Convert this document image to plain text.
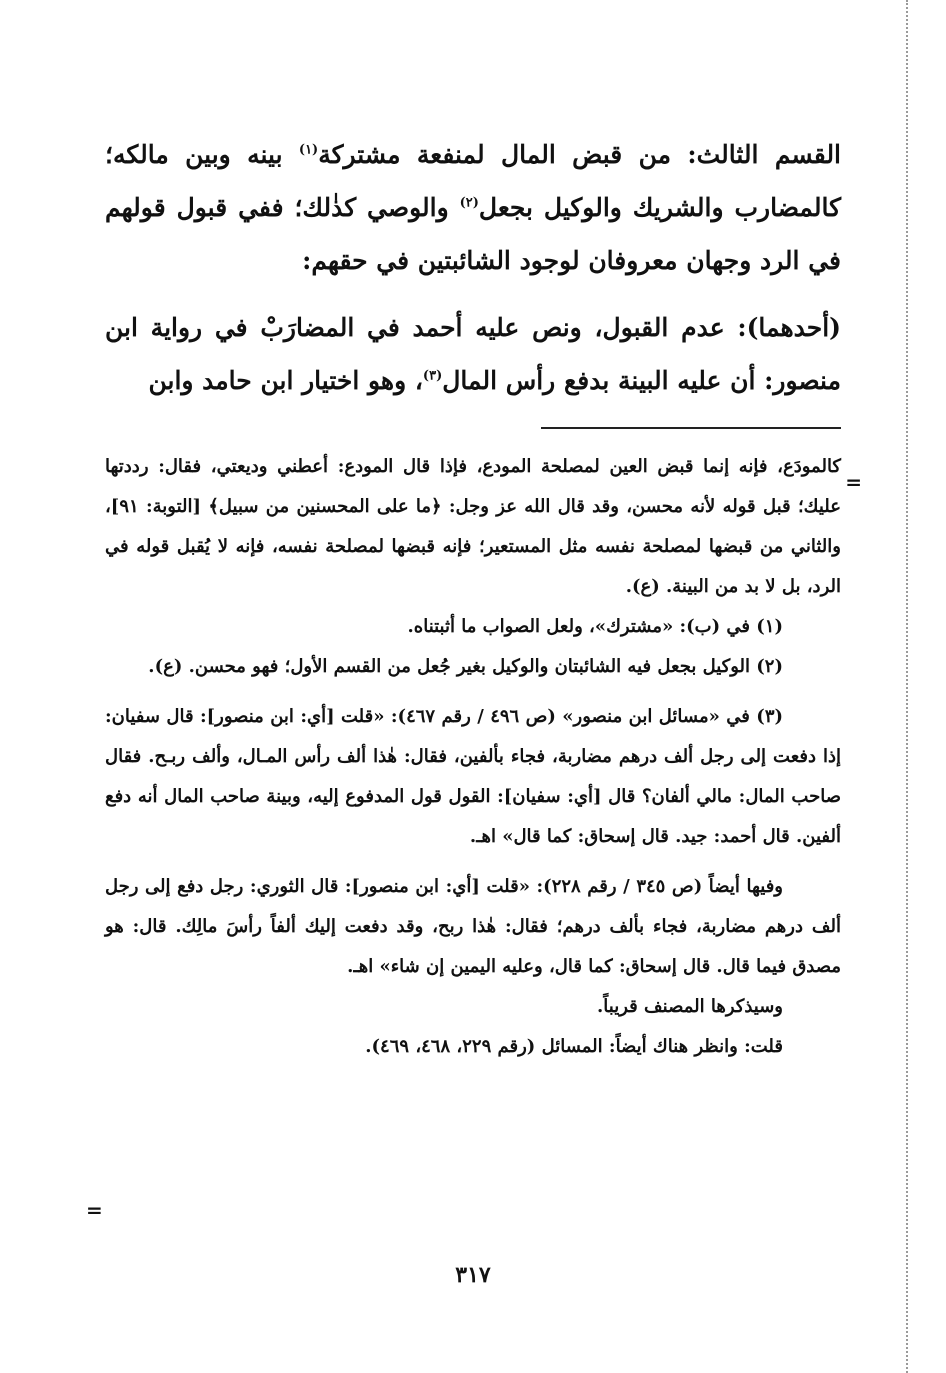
القسم الثالث: من قبض المال لمنفعة مشتركة$^{(١)}$ بينه وبين مالكه؛ كالمضارب والشريك والوكيل بجعل$^{(٢)}$ والوصي كذٰلك؛ ففي قبول قولهم في الرد وجهان معروفان لوجود الشائبتين في حقهم:

(أحدهما): عدم القبول، ونص عليه أحمد في المضارَبْ في رواية ابن منصور: أن عليه البينة بدفع رأس المال$^{(٣)}$، وهو اختيار ابن حامد وابن

كالمودَع، فإنه إنما قبض العين لمصلحة المودع، فإذا قال المودع: أعطني وديعتي، فقال: رددتها عليك؛ قبل قوله لأنه محسن، وقد قال الله عز وجل: ﴿ما على المحسنين من سبيل﴾ [التوبة: ٩١]، والثاني من قبضها لمصلحة نفسه مثل المستعير؛ فإنه قبضها لمصلحة نفسه، فإنه لا يُقبل قوله في الرد، بل لا بد من البينة. (ع).

(١) في (ب): «مشترك»، ولعل الصواب ما أثبتناه.

(٢) الوكيل بجعل فيه الشائبتان والوكيل بغير جُعل من القسم الأول؛ فهو محسن. (ع).

(٣) في «مسائل ابن منصور» (ص ٤٩٦ / رقم ٤٦٧): «قلت [أي: ابن منصور]: قال سفيان: إذا دفعت إلى رجل ألف درهم مضاربة، فجاء بألفين، فقال: هٰذا ألف رأس المـال، وألف ربـح. فقال صاحب المال: مالي ألفان؟ قال [أي: سفيان]: القول قول المدفوع إليه، وبينة صاحب المال أنه دفع ألفين. قال أحمد: جيد. قال إسحاق: كما قال» اهـ.

وفيها أيضاً (ص ٣٤٥ / رقم ٢٢٨): «قلت [أي: ابن منصور]: قال الثوري: رجل دفع إلى رجل ألف درهم مضاربة، فجاء بألف درهم؛ فقال: هٰذا ربح، وقد دفعت إليك ألفاً رأسَ مالِك. قال: هو مصدق فيما قال. قال إسحاق: كما قال، وعليه اليمين إن شاء» اهـ.

وسيذكرها المصنف قريباً.

قلت: وانظر هناك أيضاً: المسائل (رقم ٢٢٩، ٤٦٨، ٤٦٩).

=
=
٣١٧
